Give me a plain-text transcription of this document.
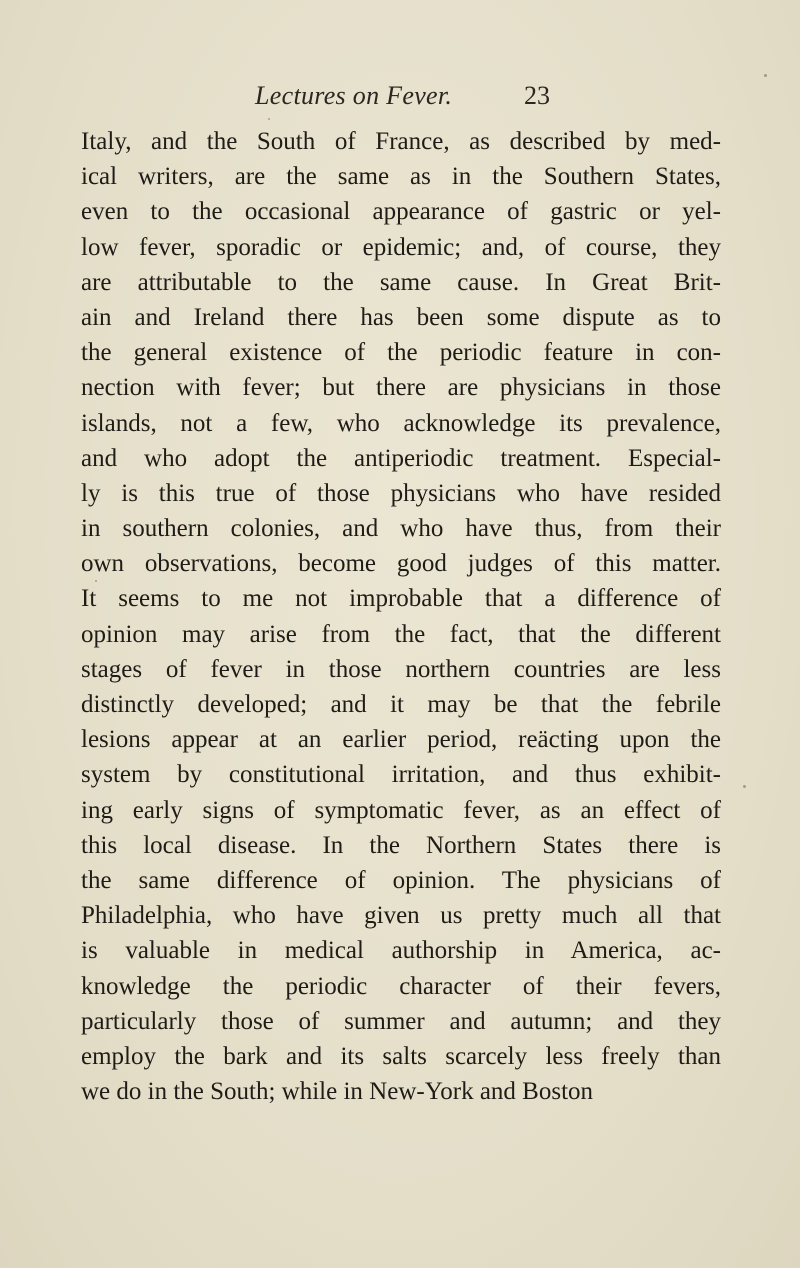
Lectures on Fever.	23
Italy, and the South of France, as described by med-
ical writers, are the same as in the Southern States,
even to the occasional appearance of gastric or yel-
low fever, sporadic or epidemic; and, of course, they
are attributable to the same cause. In Great Brit-
ain and Ireland there has been some dispute as to
the general existence of the periodic feature in con-
nection with fever; but there are physicians in those
islands, not a few, who acknowledge its prevalence,
and who adopt the antiperiodic treatment. Especial-
ly is this true of those physicians who have resided
in southern colonies, and who have thus, from their
own observations, become good judges of this matter.
It seems to me not improbable that a difference of
opinion may arise from the fact, that the different
stages of fever in those northern countries are less
distinctly developed; and it may be that the febrile
lesions appear at an earlier period, reäcting upon the
system by constitutional irritation, and thus exhibit-
ing early signs of symptomatic fever, as an effect of
this local disease. In the Northern States there is
the same difference of opinion. The physicians of
Philadelphia, who have given us pretty much all that
is valuable in medical authorship in America, ac-
knowledge the periodic character of their fevers,
particularly those of summer and autumn; and they
employ the bark and its salts scarcely less freely than
we do in the South; while in New-York and Boston
